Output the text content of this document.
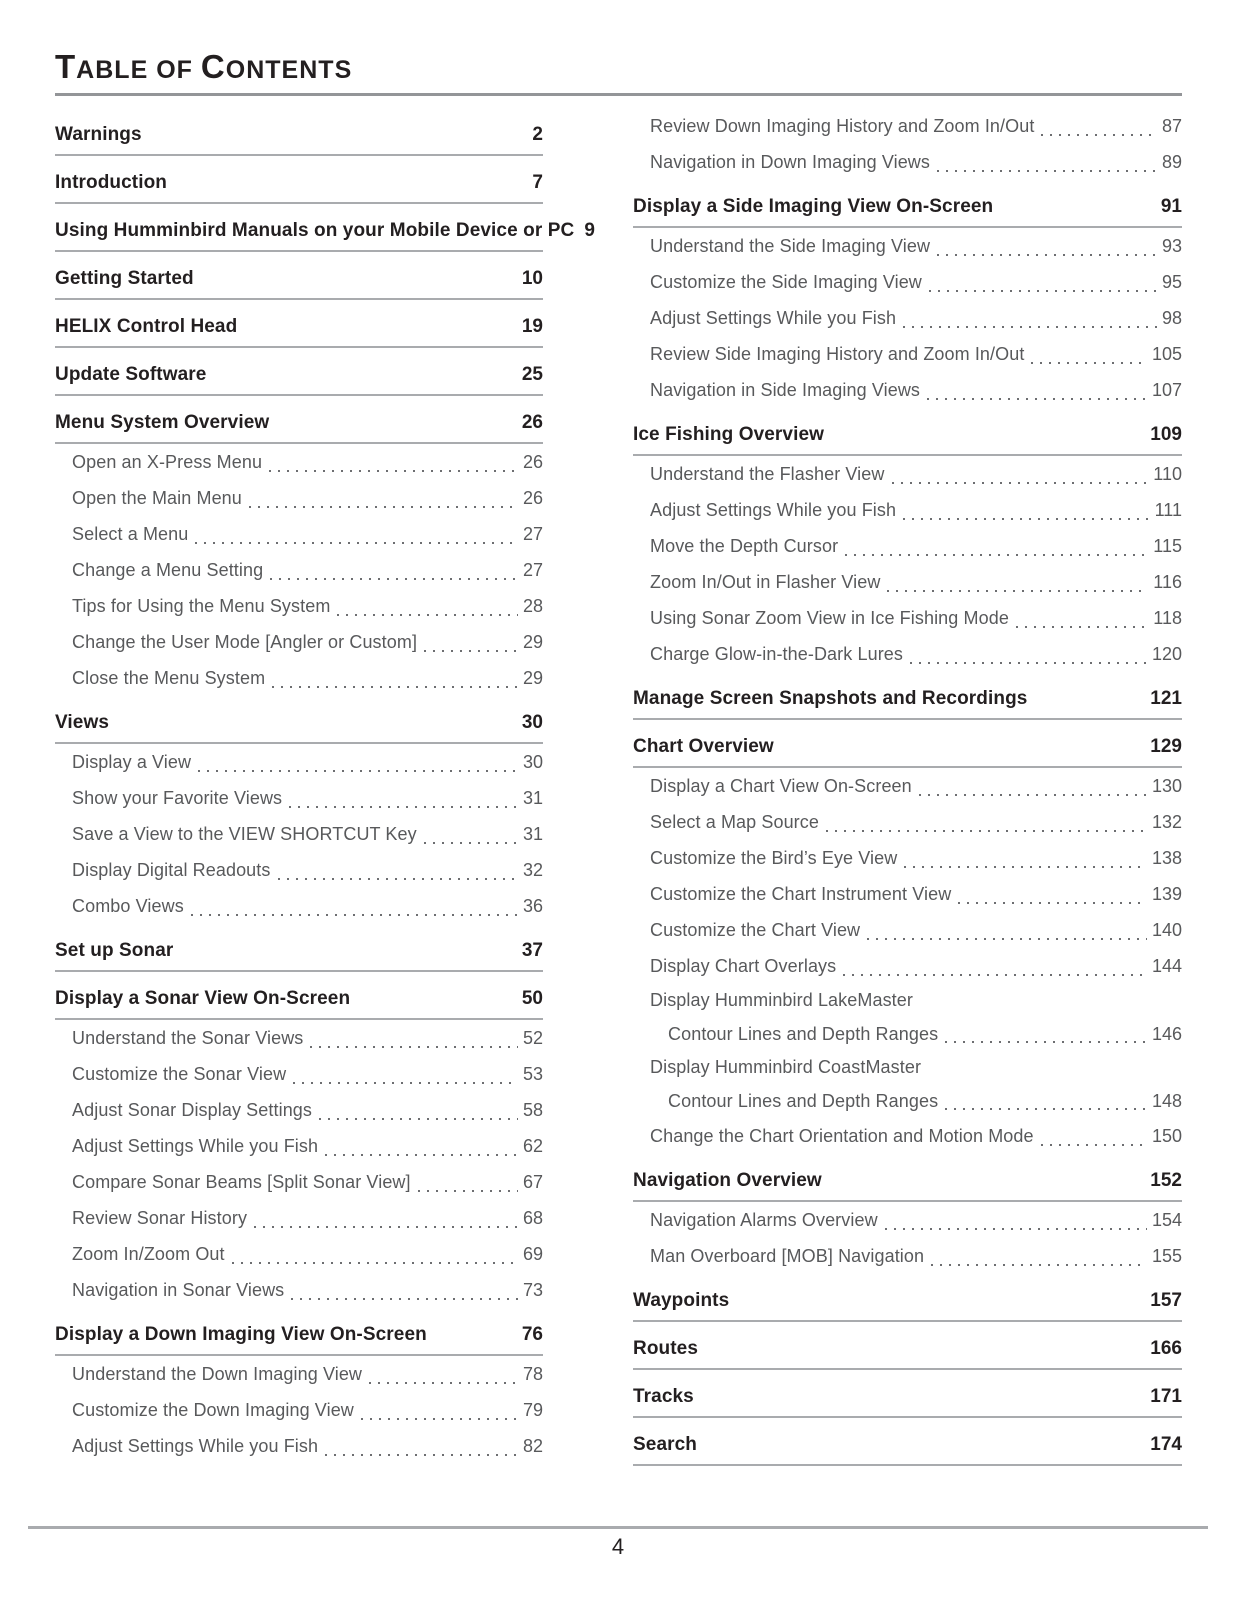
TABLE OF CONTENTS
Warnings	2
Introduction	7
Using Humminbird Manuals on your Mobile Device or PC 9
Getting Started	10
HELIX Control Head	19
Update Software	25
Menu System Overview	26
Open an X-Press Menu	26
Open the Main Menu	26
Select a Menu	27
Change a Menu Setting	27
Tips for Using the Menu System	28
Change the User Mode [Angler or Custom]	29
Close the Menu System	29
Views	30
Display a View	30
Show your Favorite Views	31
Save a View to the VIEW SHORTCUT Key	31
Display Digital Readouts	32
Combo Views	36
Set up Sonar	37
Display a Sonar View On-Screen	50
Understand the Sonar Views	52
Customize the Sonar View	53
Adjust Sonar Display Settings	58
Adjust Settings While you Fish	62
Compare Sonar Beams [Split Sonar View]	67
Review Sonar History	68
Zoom In/Zoom Out	69
Navigation in Sonar Views	73
Display a Down Imaging View On-Screen	76
Understand the Down Imaging View	78
Customize the Down Imaging View	79
Adjust Settings While you Fish	82
Review Down Imaging History and Zoom In/Out	87
Navigation in Down Imaging Views	89
Display a Side Imaging View On-Screen	91
Understand the Side Imaging View	93
Customize the Side Imaging View	95
Adjust Settings While you Fish	98
Review Side Imaging History and Zoom In/Out	105
Navigation in Side Imaging Views	107
Ice Fishing Overview	109
Understand the Flasher View	110
Adjust Settings While you Fish	111
Move the Depth Cursor	115
Zoom In/Out in Flasher View	116
Using Sonar Zoom View in Ice Fishing Mode	118
Charge Glow-in-the-Dark Lures	120
Manage Screen Snapshots and Recordings	121
Chart Overview	129
Display a Chart View On-Screen	130
Select a Map Source	132
Customize the Bird’s Eye View	138
Customize the Chart Instrument View	139
Customize the Chart View	140
Display Chart Overlays	144
Display Humminbird LakeMaster
Contour Lines and Depth Ranges	146
Display Humminbird CoastMaster
Contour Lines and Depth Ranges	148
Change the Chart Orientation and Motion Mode	150
Navigation Overview	152
Navigation Alarms Overview	154
Man Overboard [MOB] Navigation	155
Waypoints	157
Routes	166
Tracks	171
Search	174
4
